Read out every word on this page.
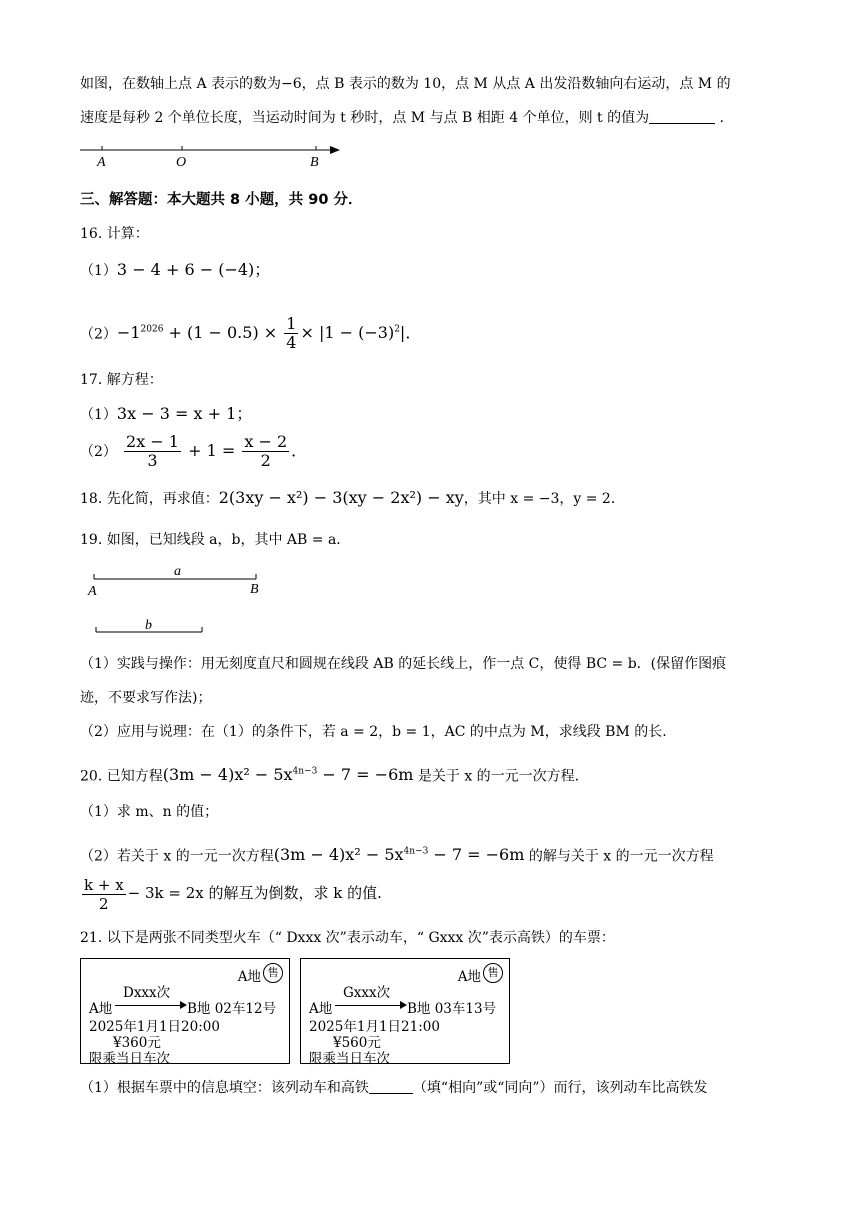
如图，在数轴上点 A 表示的数为−6，点 B 表示的数为 10，点 M 从点 A 出发沿数轴向右运动，点 M 的
速度是每秒 2 个单位长度，当运动时间为 t 秒时，点 M 与点 B 相距 4 个单位，则 t 的值为	.
A	O	B
三、解答题：本大题共 8 小题，共 90 分．
16. 计算：
（1）3 − 4 + 6 − (−4)；
$(2)-1^{2026} + (1 - 0.5) \times \frac{1}{4} \times |1 - (-3)^2|$．
17. 解方程：
（1）3x − 3 = x + 1；
$(2) \frac{2x - 1}{3} + 1 = \frac{x - 2}{2}$ ．
18. 先化简，再求值：2(3xy − x²) − 3(xy − 2x²) − xy，其中 x = −3，y = 2．
19. 如图，已知线段 a，b，其中 AB = a．
a
A	B
b
（1）实践与操作：用无刻度直尺和圆规在线段 AB 的延长线上，作一点 C，使得 BC = b．(保留作图痕
迹，不要求写作法)；
（2）应用与说理：在（1）的条件下，若 a = 2，b = 1，AC 的中点为 M，求线段 BM 的长.
20. 已知方程$(3m - 4)x^2 - 5x^{4n-3} - 7 = -6m$ 是关于 x 的一元一次方程.
（1）求 m、n 的值；
（2）若关于 x 的一元一次方程$(3m - 4)x^2 - 5x^{4n-3} - 7 = -6m$ 的解与关于 x 的一元一次方程
$\frac{k + x}{2} - 3k = 2x$ 的解互为倒数，求 k 的值.
21. 以下是两张不同类型火车（“ Dxxx 次”表示动车，“ Gxxx 次”表示高铁）的车票：
A地 售
Dxxx次
A地	B地 02车12号
2025年1月1日20:00
¥360元
限乘当日车次
A地 售
Gxxx次
A地	B地 03车13号
2025年1月1日21:00
¥560元
限乘当日车次
（1）根据车票中的信息填空：该列动车和高铁	（填“相向”或“同向”）而行，该列动车比高铁发
